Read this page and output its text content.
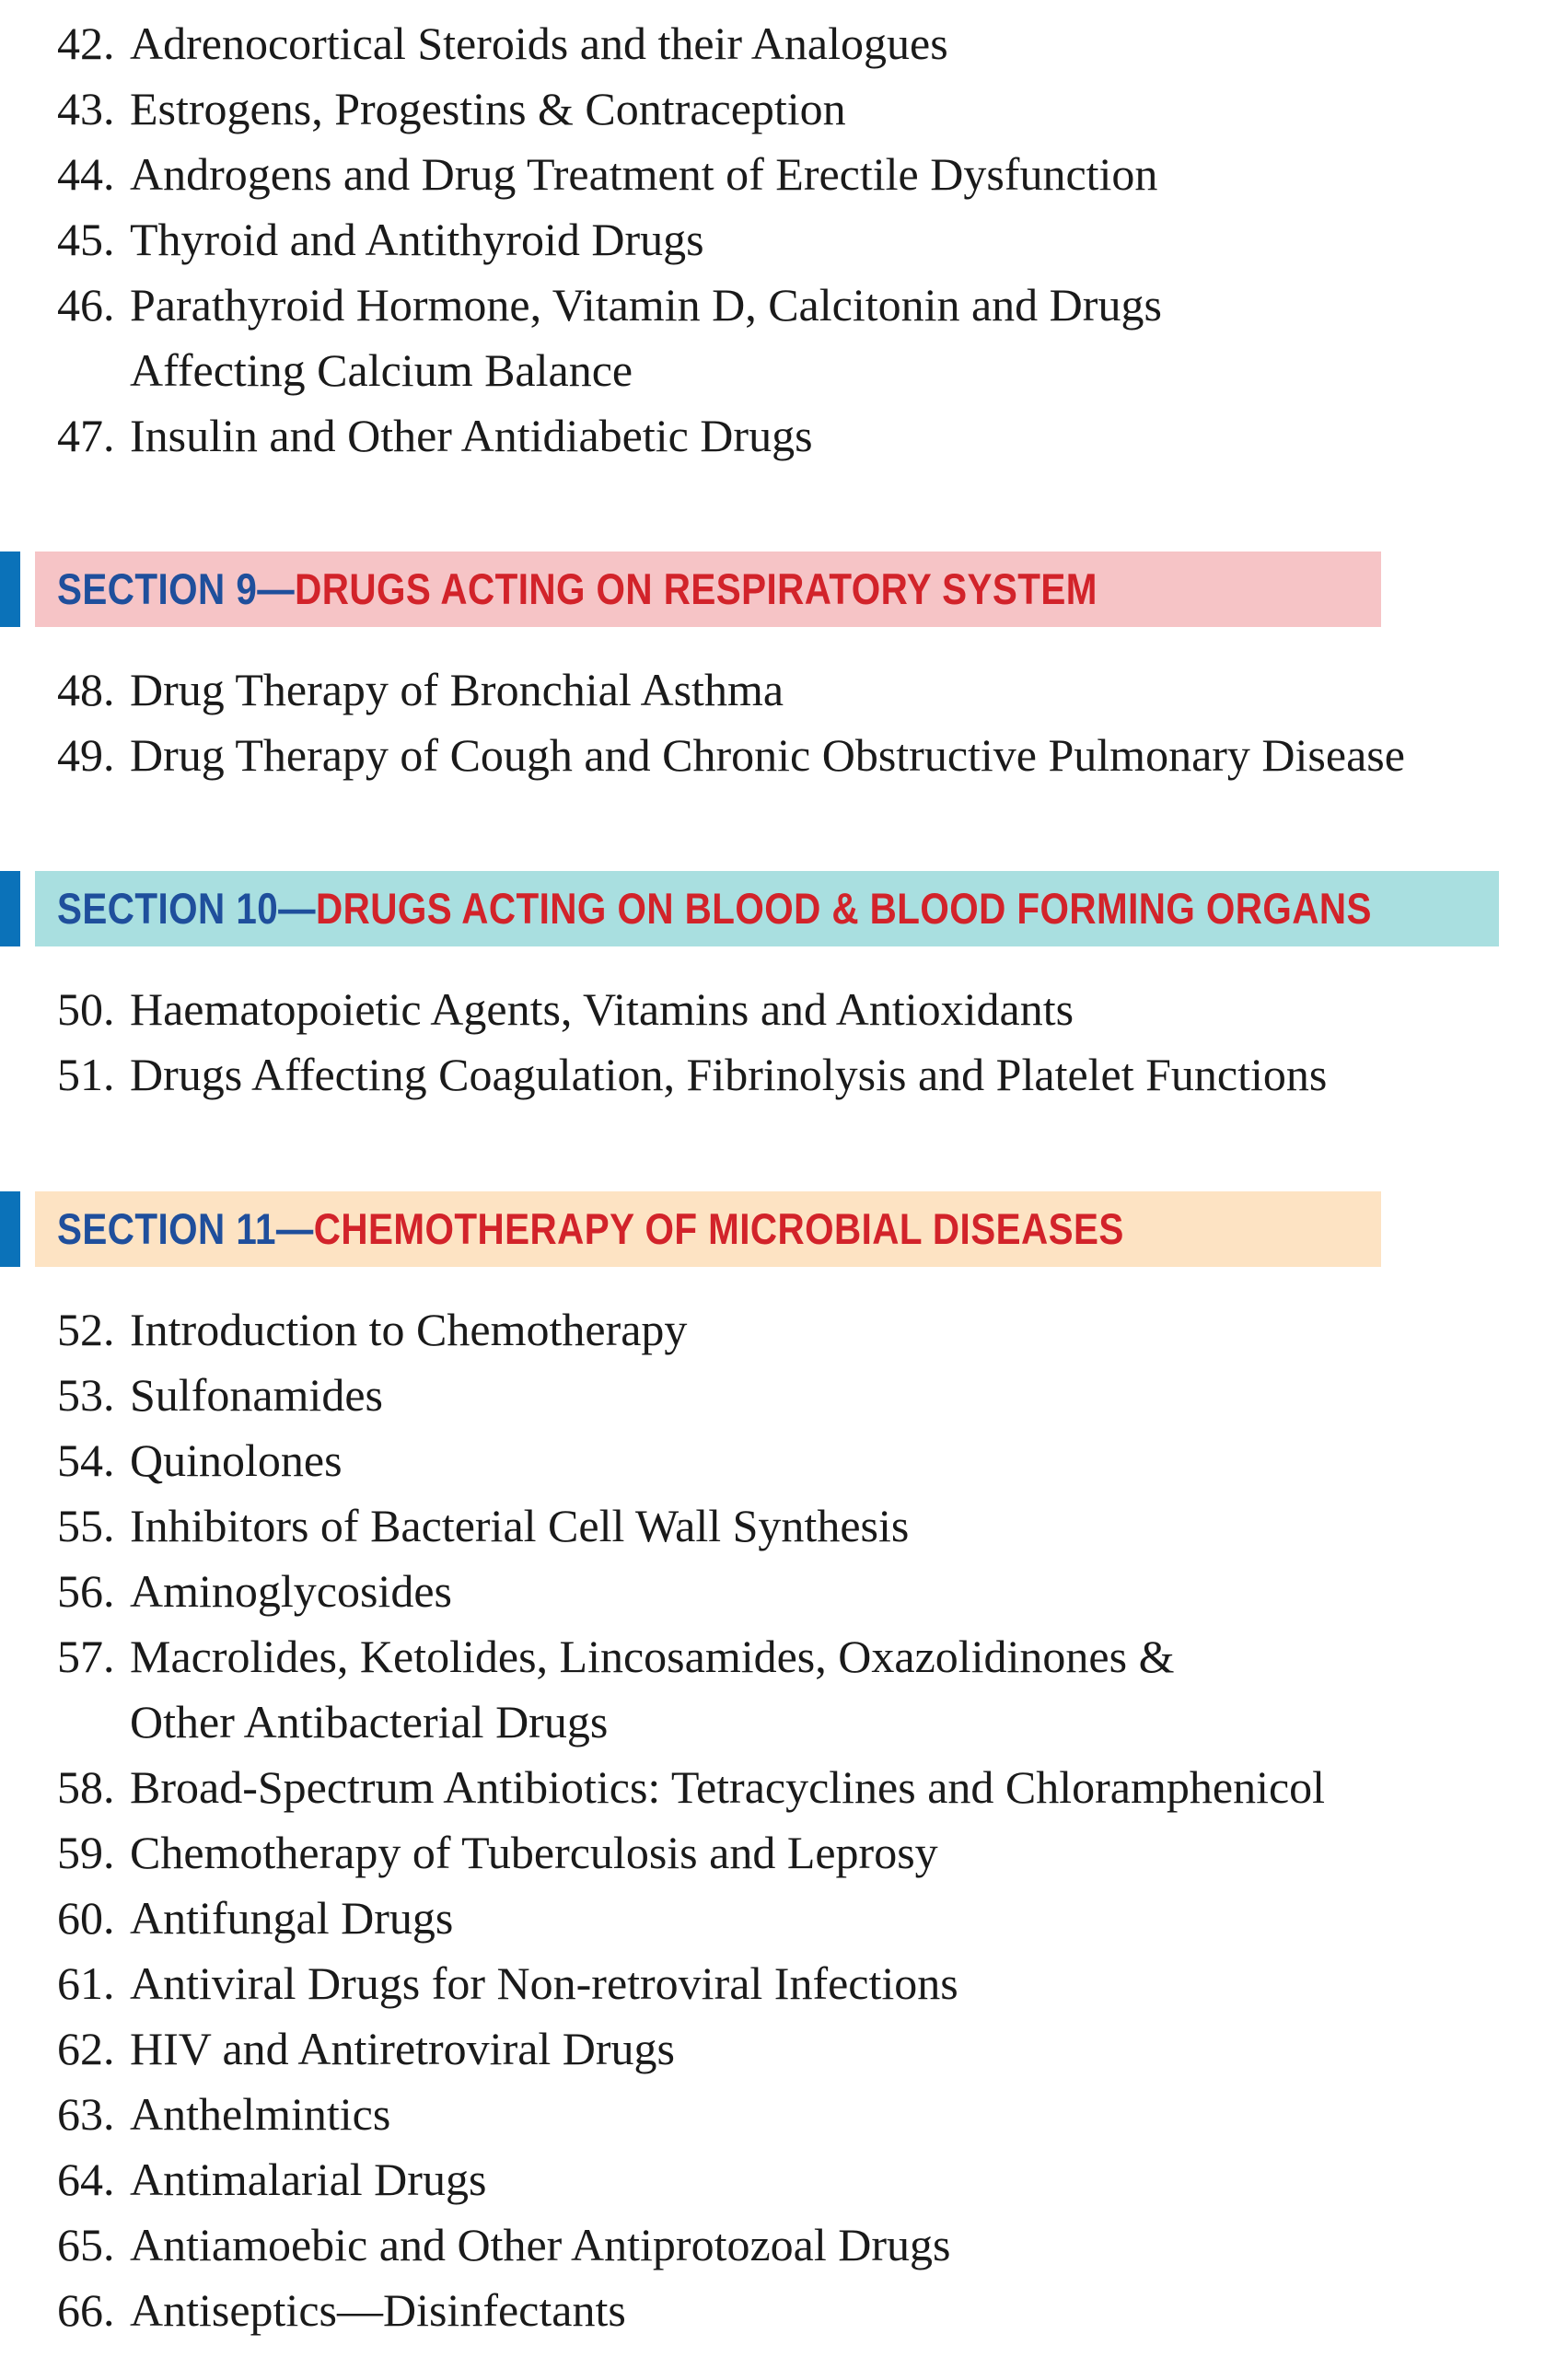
42. Adrenocortical Steroids and their Analogues
43. Estrogens, Progestins & Contraception
44. Androgens and Drug Treatment of Erectile Dysfunction
45. Thyroid and Antithyroid Drugs
46. Parathyroid Hormone, Vitamin D, Calcitonin and Drugs
Affecting Calcium Balance
47. Insulin and Other Antidiabetic Drugs
SECTION 9—DRUGS ACTING ON RESPIRATORY SYSTEM
48. Drug Therapy of Bronchial Asthma
49. Drug Therapy of Cough and Chronic Obstructive Pulmonary Disease
SECTION 10—DRUGS ACTING ON BLOOD & BLOOD FORMING ORGANS
50. Haematopoietic Agents, Vitamins and Antioxidants
51. Drugs Affecting Coagulation, Fibrinolysis and Platelet Functions
SECTION 11—CHEMOTHERAPY OF MICROBIAL DISEASES
52. Introduction to Chemotherapy
53. Sulfonamides
54. Quinolones
55. Inhibitors of Bacterial Cell Wall Synthesis
56. Aminoglycosides
57. Macrolides, Ketolides, Lincosamides, Oxazolidinones &
Other Antibacterial Drugs
58. Broad-Spectrum Antibiotics: Tetracyclines and Chloramphenicol
59. Chemotherapy of Tuberculosis and Leprosy
60. Antifungal Drugs
61. Antiviral Drugs for Non-retroviral Infections
62. HIV and Antiretroviral Drugs
63. Anthelmintics
64. Antimalarial Drugs
65. Antiamoebic and Other Antiprotozoal Drugs
66. Antiseptics—Disinfectants
